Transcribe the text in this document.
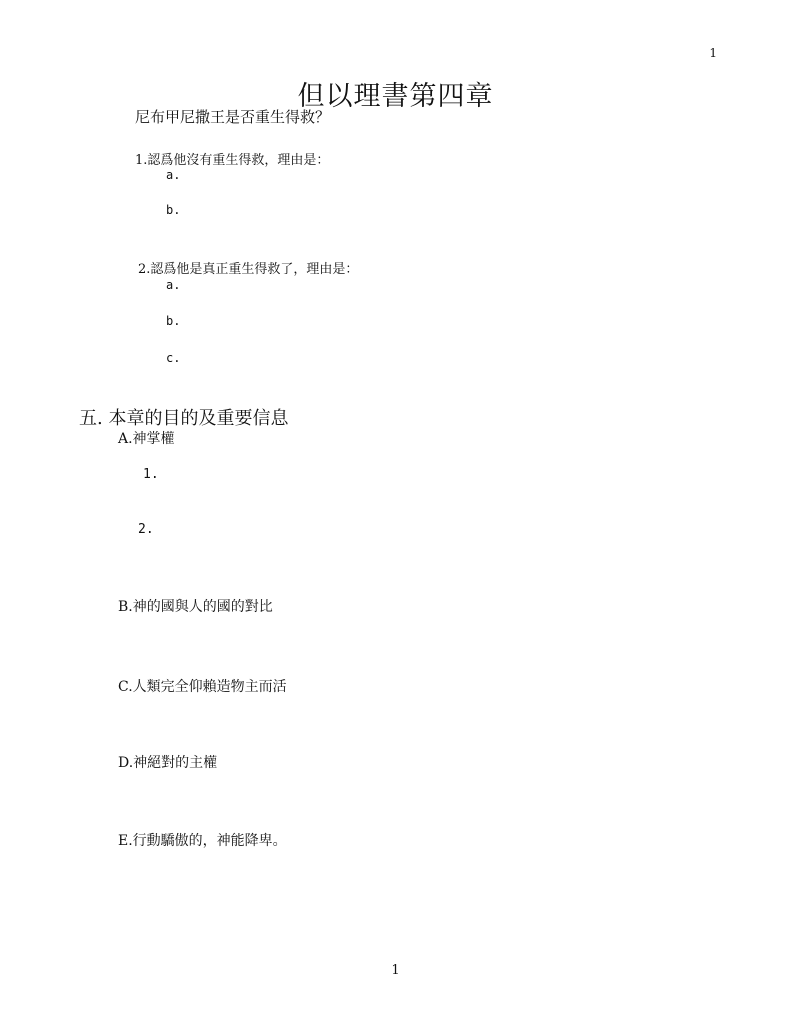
1
但以理書第四章
尼布甲尼撒王是否重生得救？
1.認爲他沒有重生得救，理由是：
a.
b.
2.認爲他是真正重生得救了，理由是：
a.
b.
c.
五. 本章的目的及重要信息
A.神掌權
1.
2.
B.神的國與人的國的對比
C.人類完全仰賴造物主而活
D.神絕對的主權
E.行動驕傲的，神能降卑。
1
